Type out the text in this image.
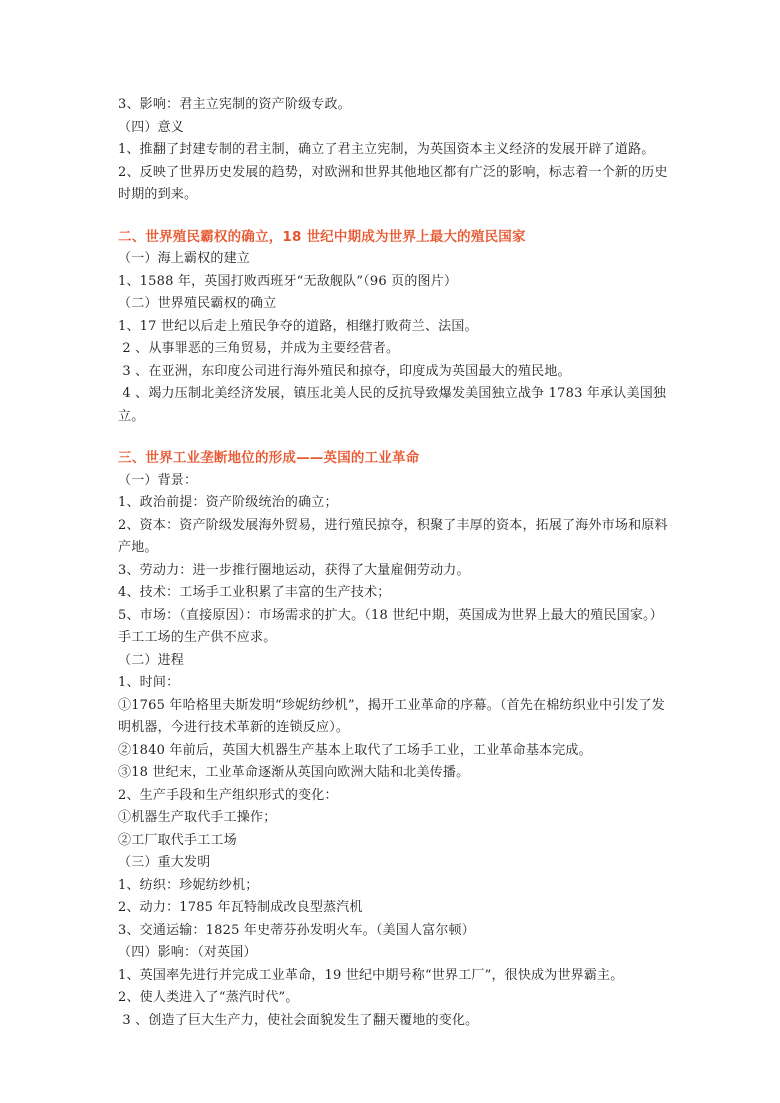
3、影响：君主立宪制的资产阶级专政。
（四）意义
1、推翻了封建专制的君主制，确立了君主立宪制，为英国资本主义经济的发展开辟了道路。
2、反映了世界历史发展的趋势，对欧洲和世界其他地区都有广泛的影响，标志着一个新的历史时期的到来。
二、世界殖民霸权的确立，18 世纪中期成为世界上最大的殖民国家
（一）海上霸权的建立
1、1588 年，英国打败西班牙“无敌舰队”（96 页的图片）
（二）世界殖民霸权的确立
1、17 世纪以后走上殖民争夺的道路，相继打败荷兰、法国。
2 、从事罪恶的三角贸易，并成为主要经营者。
3 、在亚洲，东印度公司进行海外殖民和掠夺，印度成为英国最大的殖民地。
4 、竭力压制北美经济发展，镇压北美人民的反抗导致爆发美国独立战争 1783 年承认美国独立。
三、世界工业垄断地位的形成——英国的工业革命
（一）背景：
1、政治前提：资产阶级统治的确立；
2、资本：资产阶级发展海外贸易，进行殖民掠夺，积聚了丰厚的资本，拓展了海外市场和原料产地。
3、劳动力：进一步推行圈地运动，获得了大量雇佣劳动力。
4、技术：工场手工业积累了丰富的生产技术；
5、市场：（直接原因）：市场需求的扩大。（18 世纪中期，英国成为世界上最大的殖民国家。）手工工场的生产供不应求。
（二）进程
1、时间：
①1765 年哈格里夫斯发明“珍妮纺纱机”，揭开工业革命的序幕。（首先在棉纺织业中引发了发明机器，今进行技术革新的连锁反应）。
②1840 年前后，英国大机器生产基本上取代了工场手工业，工业革命基本完成。
③18 世纪末，工业革命逐渐从英国向欧洲大陆和北美传播。
2、生产手段和生产组织形式的变化：
①机器生产取代手工操作；
②工厂取代手工工场
（三）重大发明
1、纺织：珍妮纺纱机；
2、动力：1785 年瓦特制成改良型蒸汽机
3、交通运输：1825 年史蒂芬孙发明火车。（美国人富尔顿）
（四）影响：（对英国）
1、英国率先进行并完成工业革命，19 世纪中期号称“世界工厂”，很快成为世界霸主。
2、使人类进入了“蒸汽时代”。
3 、创造了巨大生产力，使社会面貌发生了翻天覆地的变化。
